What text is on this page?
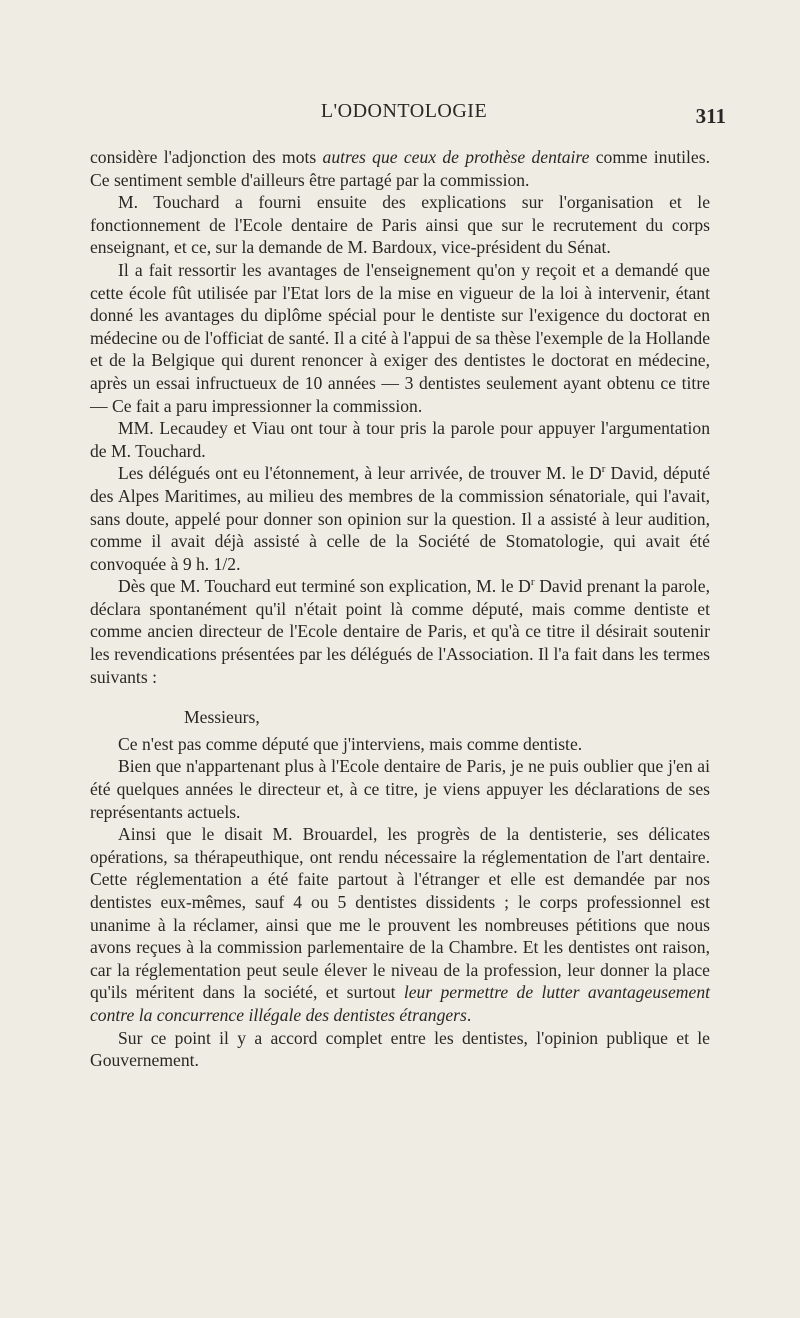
L'ODONTOLOGIE	311

considère l'adjonction des mots autres que ceux de prothèse dentaire comme inutiles. Ce sentiment semble d'ailleurs être partagé par la commission.

M. Touchard a fourni ensuite des explications sur l'organisation et le fonctionnement de l'Ecole dentaire de Paris ainsi que sur le recrutement du corps enseignant, et ce, sur la demande de M. Bardoux, vice-président du Sénat.

Il a fait ressortir les avantages de l'enseignement qu'on y reçoit et a demandé que cette école fût utilisée par l'Etat lors de la mise en vigueur de la loi à intervenir, étant donné les avantages du diplôme spécial pour le dentiste sur l'exigence du doctorat en médecine ou de l'officiat de santé. Il a cité à l'appui de sa thèse l'exemple de la Hollande et de la Belgique qui durent renoncer à exiger des dentistes le doctorat en médecine, après un essai infructueux de 10 années — 3 dentistes seulement ayant obtenu ce titre — Ce fait a paru impressionner la commission.

MM. Lecaudey et Viau ont tour à tour pris la parole pour appuyer l'argumentation de M. Touchard.

Les délégués ont eu l'étonnement, à leur arrivée, de trouver M. le $D^r$ David, député des Alpes Maritimes, au milieu des membres de la commission sénatoriale, qui l'avait, sans doute, appelé pour donner son opinion sur la question. Il a assisté à leur audition, comme il avait déjà assisté à celle de la Société de Stomatologie, qui avait été convoquée à 9 h. 1/2.

Dès que M. Touchard eut terminé son explication, M. le $D^r$ David prenant la parole, déclara spontanément qu'il n'était point là comme député, mais comme dentiste et comme ancien directeur de l'Ecole dentaire de Paris, et qu'à ce titre il désirait soutenir les revendications présentées par les délégués de l'Association. Il l'a fait dans les termes suivants :

Messieurs,

Ce n'est pas comme député que j'interviens, mais comme dentiste.

Bien que n'appartenant plus à l'Ecole dentaire de Paris, je ne puis oublier que j'en ai été quelques années le directeur et, à ce titre, je viens appuyer les déclarations de ses représentants actuels.

Ainsi que le disait M. Brouardel, les progrès de la dentisterie, ses délicates opérations, sa thérapeuthique, ont rendu nécessaire la réglementation de l'art dentaire. Cette réglementation a été faite partout à l'étranger et elle est demandée par nos dentistes eux-mêmes, sauf 4 ou 5 dentistes dissidents ; le corps professionnel est unanime à la réclamer, ainsi que me le prouvent les nombreuses pétitions que nous avons reçues à la commission parlementaire de la Chambre. Et les dentistes ont raison, car la réglementation peut seule élever le niveau de la profession, leur donner la place qu'ils méritent dans la société, et surtout leur permettre de lutter avantageusement contre la concurrence illégale des dentistes étrangers.

Sur ce point il y a accord complet entre les dentistes, l'opinion publique et le Gouvernement.
